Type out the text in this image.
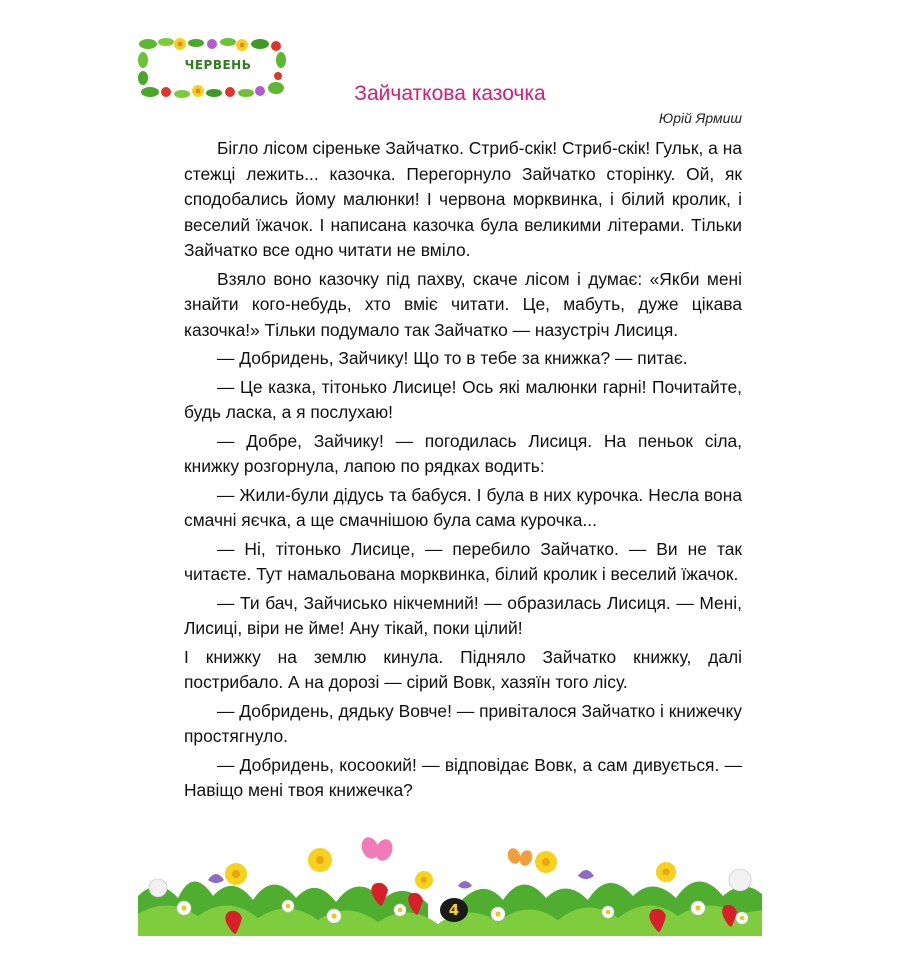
ЧЕРВЕНЬ
Зайчаткова казочка
Юрій Ярмиш

Бігло лісом сіреньке Зайчатко. Стриб-скік! Стриб-скік! Гульк, а на стежці лежить... казочка. Перегорнуло Зайчатко сторінку. Ой, як сподобались йому малюнки! І червона морквинка, і білий кролик, і веселий їжачок. І написана казочка була великими літерами. Тільки Зайчатко все одно читати не вміло.

Взяло воно казочку під пахву, скаче лісом і думає: «Якби мені знайти кого-небудь, хто вміє читати. Це, мабуть, дуже цікава казочка!» Тільки подумало так Зайчатко — назустріч Лисиця.

— Добридень, Зайчику! Що то в тебе за книжка? — питає.

— Це казка, тітонько Лисице! Ось які малюнки гарні! Почитайте, будь ласка, а я послухаю!

— Добре, Зайчику! — погодилась Лисиця. На пеньок сіла, книжку розгорнула, лапою по рядках водить:

— Жили-були дідусь та бабуся. І була в них курочка. Несла вона смачні яєчка, а ще смачнішою була сама курочка...

— Ні, тітонько Лисице, — перебило Зайчатко. — Ви не так читаєте. Тут намальована морквинка, білий кролик і веселий їжачок.

— Ти бач, Зайчисько нікчемний! — образилась Лисиця. — Мені, Лисиці, віри не йме! Ану тікай, поки цілий!

І книжку на землю кинула. Підняло Зайчатко книжку, далі пострибало. А на дорозі — сірий Вовк, хазяїн того лісу.

— Добридень, дядьку Вовче! — привіталося Зайчатко і книжечку простягнуло.

— Добридень, косоокий! — відповідає Вовк, а сам дивується. — Навіщо мені твоя книжечка?

4
